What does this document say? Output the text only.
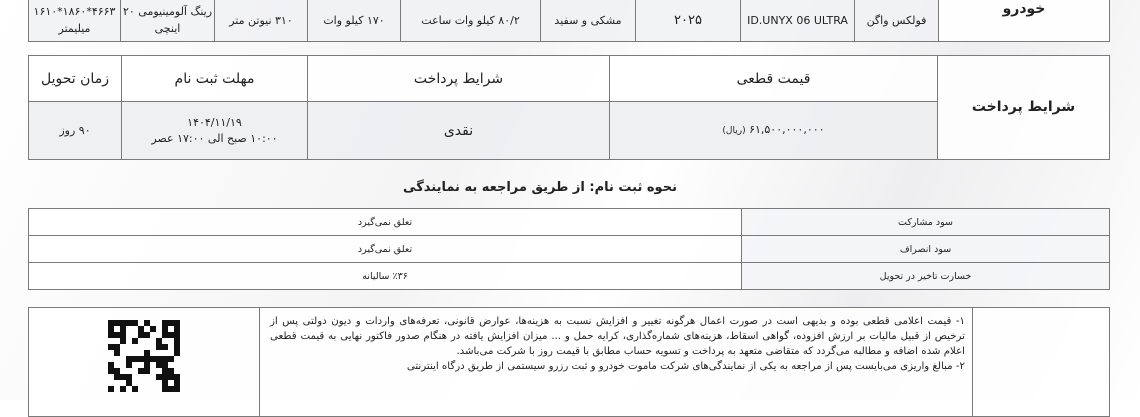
خودرو	فولکس واگن	ID.UNYX 06 ULTRA	۲۰۲۵	مشکی و سفید	۸۰/۲ کیلو وات ساعت	۱۷۰ کیلو وات	۳۱۰ نیوتن متر	رینگ آلومینیومی ۲۰ اینچی	۴۶۶۳*۱۸۶۰*۱۶۱۰ میلیمتر
شرایط پرداخت	قیمت قطعی	شرایط پرداخت	مهلت ثبت نام	زمان تحویل
	۶۱,۵۰۰,۰۰۰,۰۰۰ (ریال)	نقدی	۱۴۰۴/۱۱/۱۹
۱۰:۰۰ صبح الی ۱۷:۰۰ عصر	۹۰ روز
نحوه ثبت نام: از طریق مراجعه به نمایندگی
سود مشارکت	تعلق نمی‌گیرد
سود انصراف	تعلق نمی‌گیرد
خسارت تاخیر در تحویل	٪۳۶ سالیانه

۱- قیمت اعلامی قطعی بوده و بدیهی است در صورت اعمال هرگونه تغییر و افزایش نسبت به هزینه‌ها، عوارض قانونی، تعرفه‌های واردات و دیون دولتی پس از ترخیص از قبیل مالیات بر ارزش افزوده، گواهی اسقاط، هزینه‌های شماره‌گذاری، کرایه حمل و ... میزان افزایش یافته در هنگام صدور فاکتور نهایی به قیمت قطعی اعلام شده اضافه و مطالبه می‌گردد که متقاضی متعهد به پرداخت و تسویه حساب مطابق با قیمت روز با شرکت می‌باشد.
۲- مبالغ واریزی می‌بایست پس از مراجعه به یکی از نمایندگی‌های شرکت ماموت خودرو و ثبت رزرو سیستمی از طریق درگاه اینترنتی
